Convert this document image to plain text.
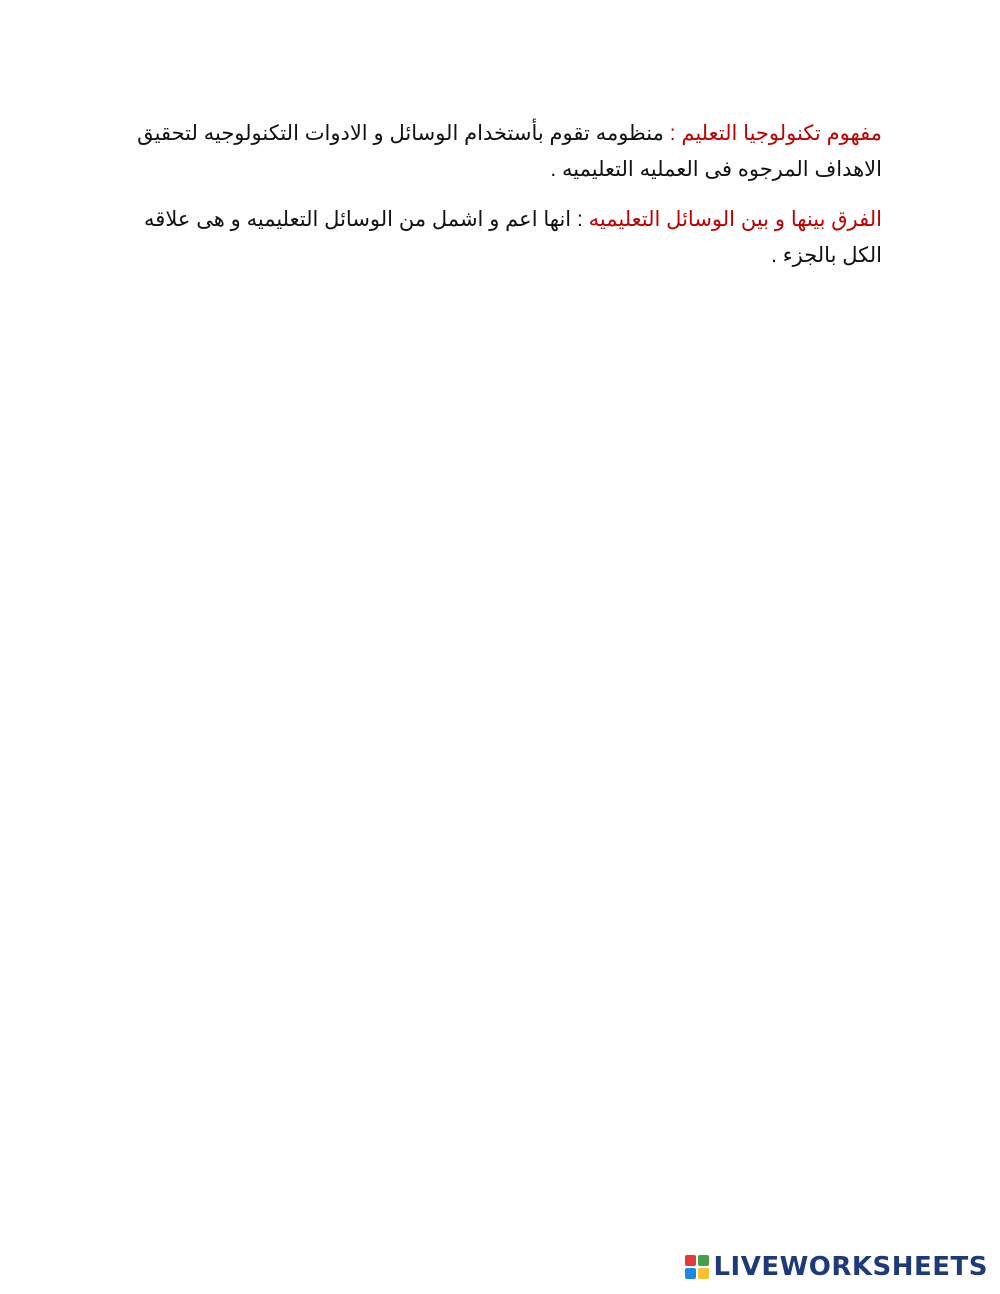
مفهوم تكنولوجيا التعليم : منظومه تقوم بأستخدام الوسائل و الادوات التكنولوجيه لتحقيق الاهداف المرجوه فى العمليه التعليميه .

الفرق بينها و بين الوسائل التعليميه : انها اعم و اشمل من الوسائل التعليميه و هى علاقه الكل بالجزء .

LIVEWORKSHEETS
